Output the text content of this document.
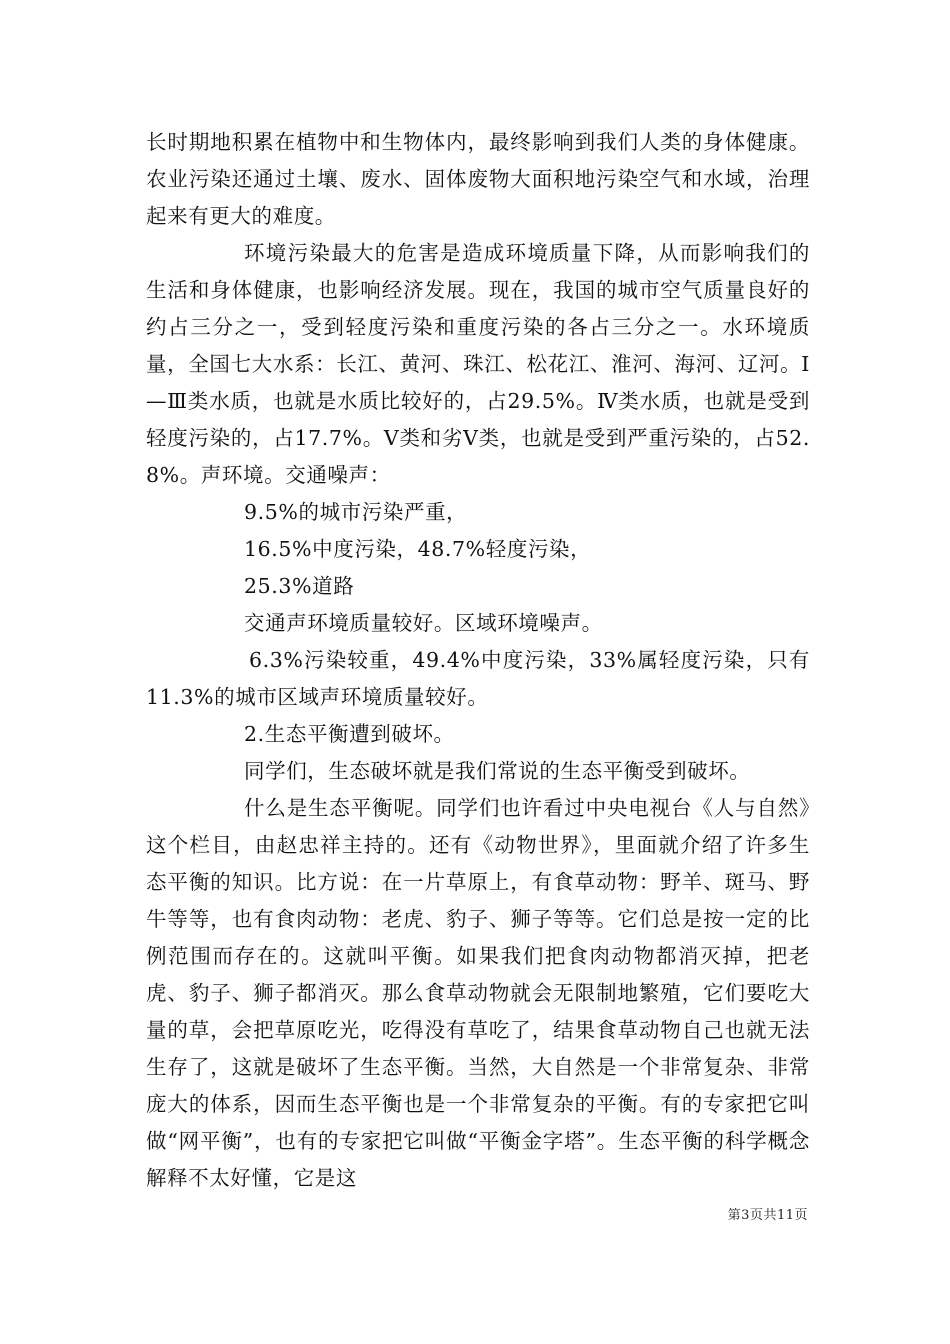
长时期地积累在植物中和生物体内，最终影响到我们人类的身体健康。农业污染还通过土壤、废水、固体废物大面积地污染空气和水域，治理起来有更大的难度。

环境污染最大的危害是造成环境质量下降，从而影响我们的生活和身体健康，也影响经济发展。现在，我国的城市空气质量良好的约占三分之一，受到轻度污染和重度污染的各占三分之一。水环境质量，全国七大水系：长江、黄河、珠江、松花江、淮河、海河、辽河。Ⅰ—Ⅲ类水质，也就是水质比较好的，占29.5%。Ⅳ类水质，也就是受到轻度污染的，占17.7%。Ⅴ类和劣Ⅴ类，也就是受到严重污染的，占52.8%。声环境。交通噪声：

9.5%的城市污染严重，

16.5%中度污染，48.7%轻度污染，

25.3%道路

交通声环境质量较好。区域环境噪声。

6.3%污染较重，49.4%中度污染，33%属轻度污染，只有11.3%的城市区域声环境质量较好。

2.生态平衡遭到破坏。

同学们，生态破坏就是我们常说的生态平衡受到破坏。

什么是生态平衡呢。同学们也许看过中央电视台《人与自然》这个栏目，由赵忠祥主持的。还有《动物世界》，里面就介绍了许多生态平衡的知识。比方说：在一片草原上，有食草动物：野羊、斑马、野牛等等，也有食肉动物：老虎、豹子、狮子等等。它们总是按一定的比例范围而存在的。这就叫平衡。如果我们把食肉动物都消灭掉，把老虎、豹子、狮子都消灭。那么食草动物就会无限制地繁殖，它们要吃大量的草，会把草原吃光，吃得没有草吃了，结果食草动物自己也就无法生存了，这就是破坏了生态平衡。当然，大自然是一个非常复杂、非常庞大的体系，因而生态平衡也是一个非常复杂的平衡。有的专家把它叫做“网平衡”，也有的专家把它叫做“平衡金字塔”。生态平衡的科学概念解释不太好懂，它是这

第3页共11页
